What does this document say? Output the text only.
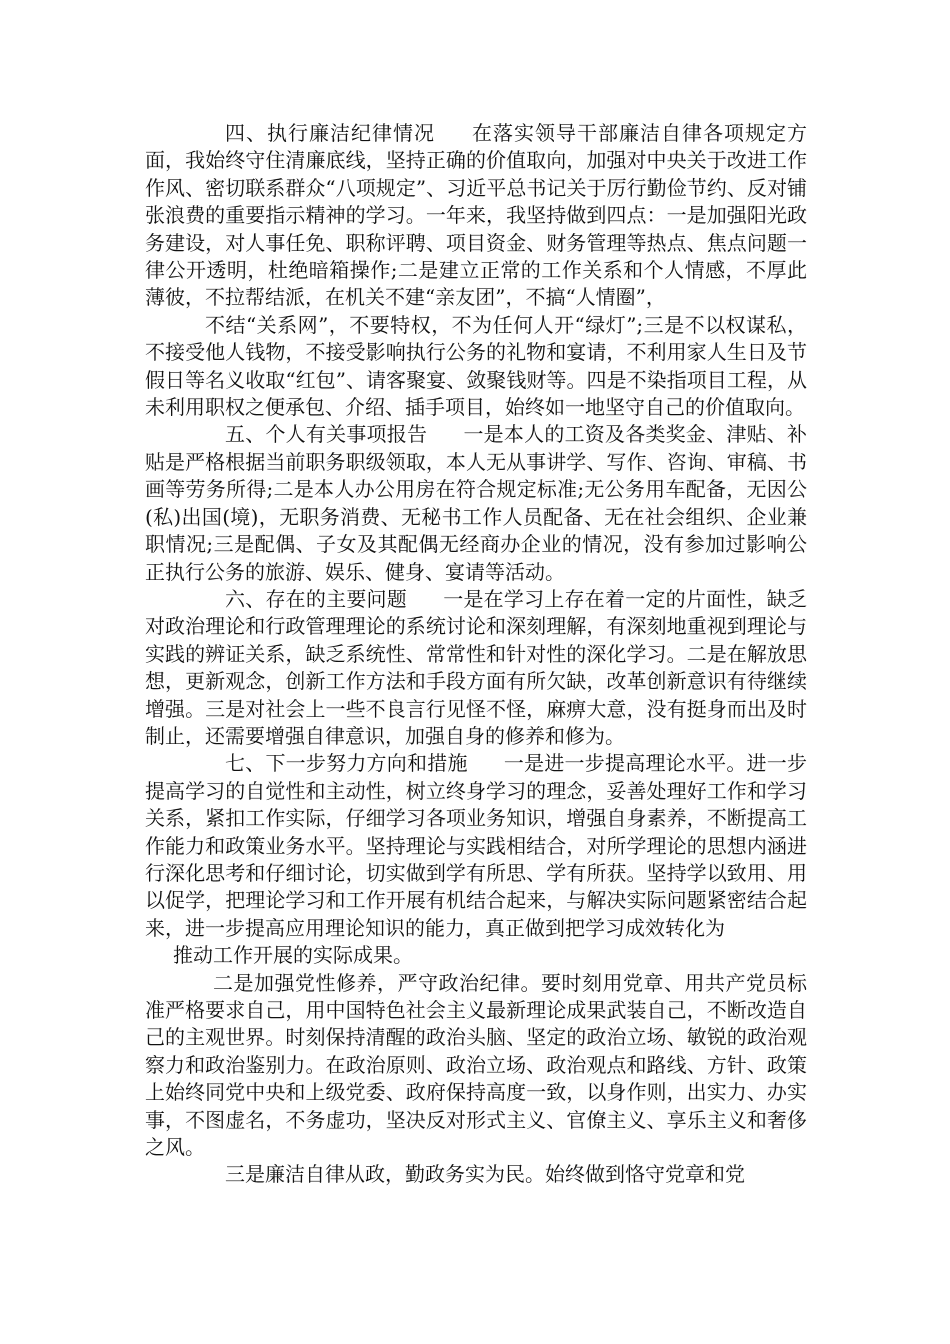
四、执行廉洁纪律情况 在落实领导干部廉洁自律各项规定方面，我始终守住清廉底线，坚持正确的价值取向，加强对中央关于改进工作作风、密切联系群众“八项规定”、习近平总书记关于厉行勤俭节约、反对铺张浪费的重要指示精神的学习。一年来，我坚持做到四点：一是加强阳光政务建设，对人事任免、职称评聘、项目资金、财务管理等热点、焦点问题一律公开透明，杜绝暗箱操作;二是建立正常的工作关系和个人情感，不厚此薄彼，不拉帮结派，在机关不建“亲友团”，不搞“人情圈”，

不结“关系网”，不要特权，不为任何人开“绿灯”;三是不以权谋私，不接受他人钱物，不接受影响执行公务的礼物和宴请，不利用家人生日及节假日等名义收取“红包”、请客聚宴、敛聚钱财等。四是不染指项目工程，从未利用职权之便承包、介绍、插手项目，始终如一地坚守自己的价值取向。

五、个人有关事项报告 一是本人的工资及各类奖金、津贴、补贴是严格根据当前职务职级领取，本人无从事讲学、写作、咨询、审稿、书画等劳务所得;二是本人办公用房在符合规定标准;无公务用车配备，无因公(私)出国(境)，无职务消费、无秘书工作人员配备、无在社会组织、企业兼职情况;三是配偶、子女及其配偶无经商办企业的情况，没有参加过影响公正执行公务的旅游、娱乐、健身、宴请等活动。

六、存在的主要问题 一是在学习上存在着一定的片面性，缺乏对政治理论和行政管理理论的系统讨论和深刻理解，有深刻地重视到理论与实践的辨证关系，缺乏系统性、常常性和针对性的深化学习。二是在解放思想，更新观念，创新工作方法和手段方面有所欠缺，改革创新意识有待继续增强。三是对社会上一些不良言行见怪不怪，麻痹大意，没有挺身而出及时制止，还需要增强自律意识，加强自身的修养和修为。

七、下一步努力方向和措施 一是进一步提高理论水平。进一步提高学习的自觉性和主动性，树立终身学习的理念，妥善处理好工作和学习关系，紧扣工作实际，仔细学习各项业务知识，增强自身素养，不断提高工作能力和政策业务水平。坚持理论与实践相结合，对所学理论的思想内涵进行深化思考和仔细讨论，切实做到学有所思、学有所获。坚持学以致用、用以促学，把理论学习和工作开展有机结合起来，与解决实际问题紧密结合起来，进一步提高应用理论知识的能力，真正做到把学习成效转化为

推动工作开展的实际成果。

二是加强党性修养，严守政治纪律。要时刻用党章、用共产党员标准严格要求自己，用中国特色社会主义最新理论成果武装自己，不断改造自己的主观世界。时刻保持清醒的政治头脑、坚定的政治立场、敏锐的政治观察力和政治鉴别力。在政治原则、政治立场、政治观点和路线、方针、政策上始终同党中央和上级党委、政府保持高度一致，以身作则，出实力、办实事，不图虚名，不务虚功，坚决反对形式主义、官僚主义、享乐主义和奢侈之风。

三是廉洁自律从政，勤政务实为民。始终做到恪守党章和党
